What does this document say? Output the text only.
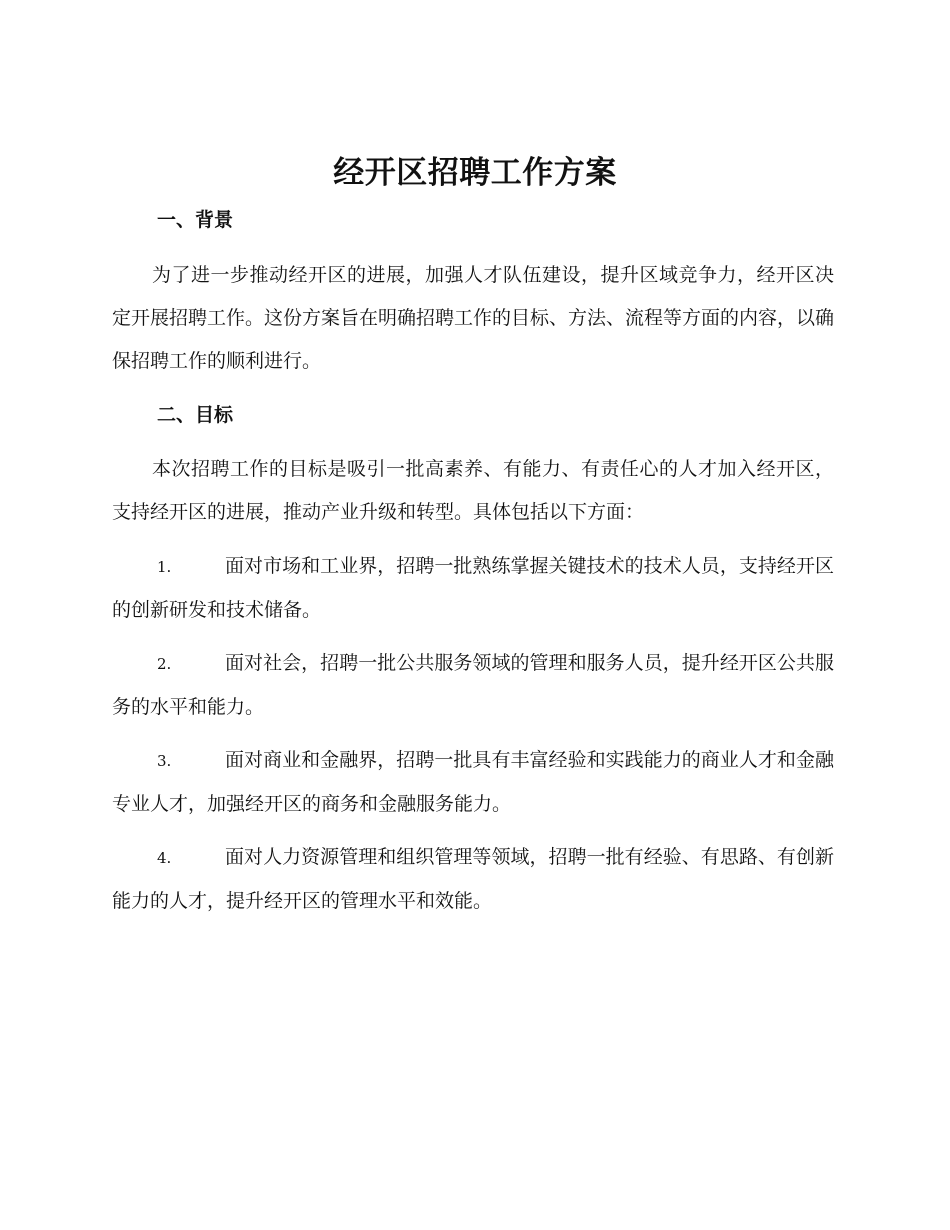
经开区招聘工作方案
一、背景

为了进一步推动经开区的进展，加强人才队伍建设，提升区域竞争力，经开区决定开展招聘工作。这份方案旨在明确招聘工作的目标、方法、流程等方面的内容，以确保招聘工作的顺利进行。

二、目标

本次招聘工作的目标是吸引一批高素养、有能力、有责任心的人才加入经开区，支持经开区的进展，推动产业升级和转型。具体包括以下方面：

1.	面对市场和工业界，招聘一批熟练掌握关键技术的技术人员，支持经开区的创新研发和技术储备。

2.	面对社会，招聘一批公共服务领域的管理和服务人员，提升经开区公共服务的水平和能力。

3.	面对商业和金融界，招聘一批具有丰富经验和实践能力的商业人才和金融专业人才，加强经开区的商务和金融服务能力。

4.	面对人力资源管理和组织管理等领域，招聘一批有经验、有思路、有创新能力的人才，提升经开区的管理水平和效能。
